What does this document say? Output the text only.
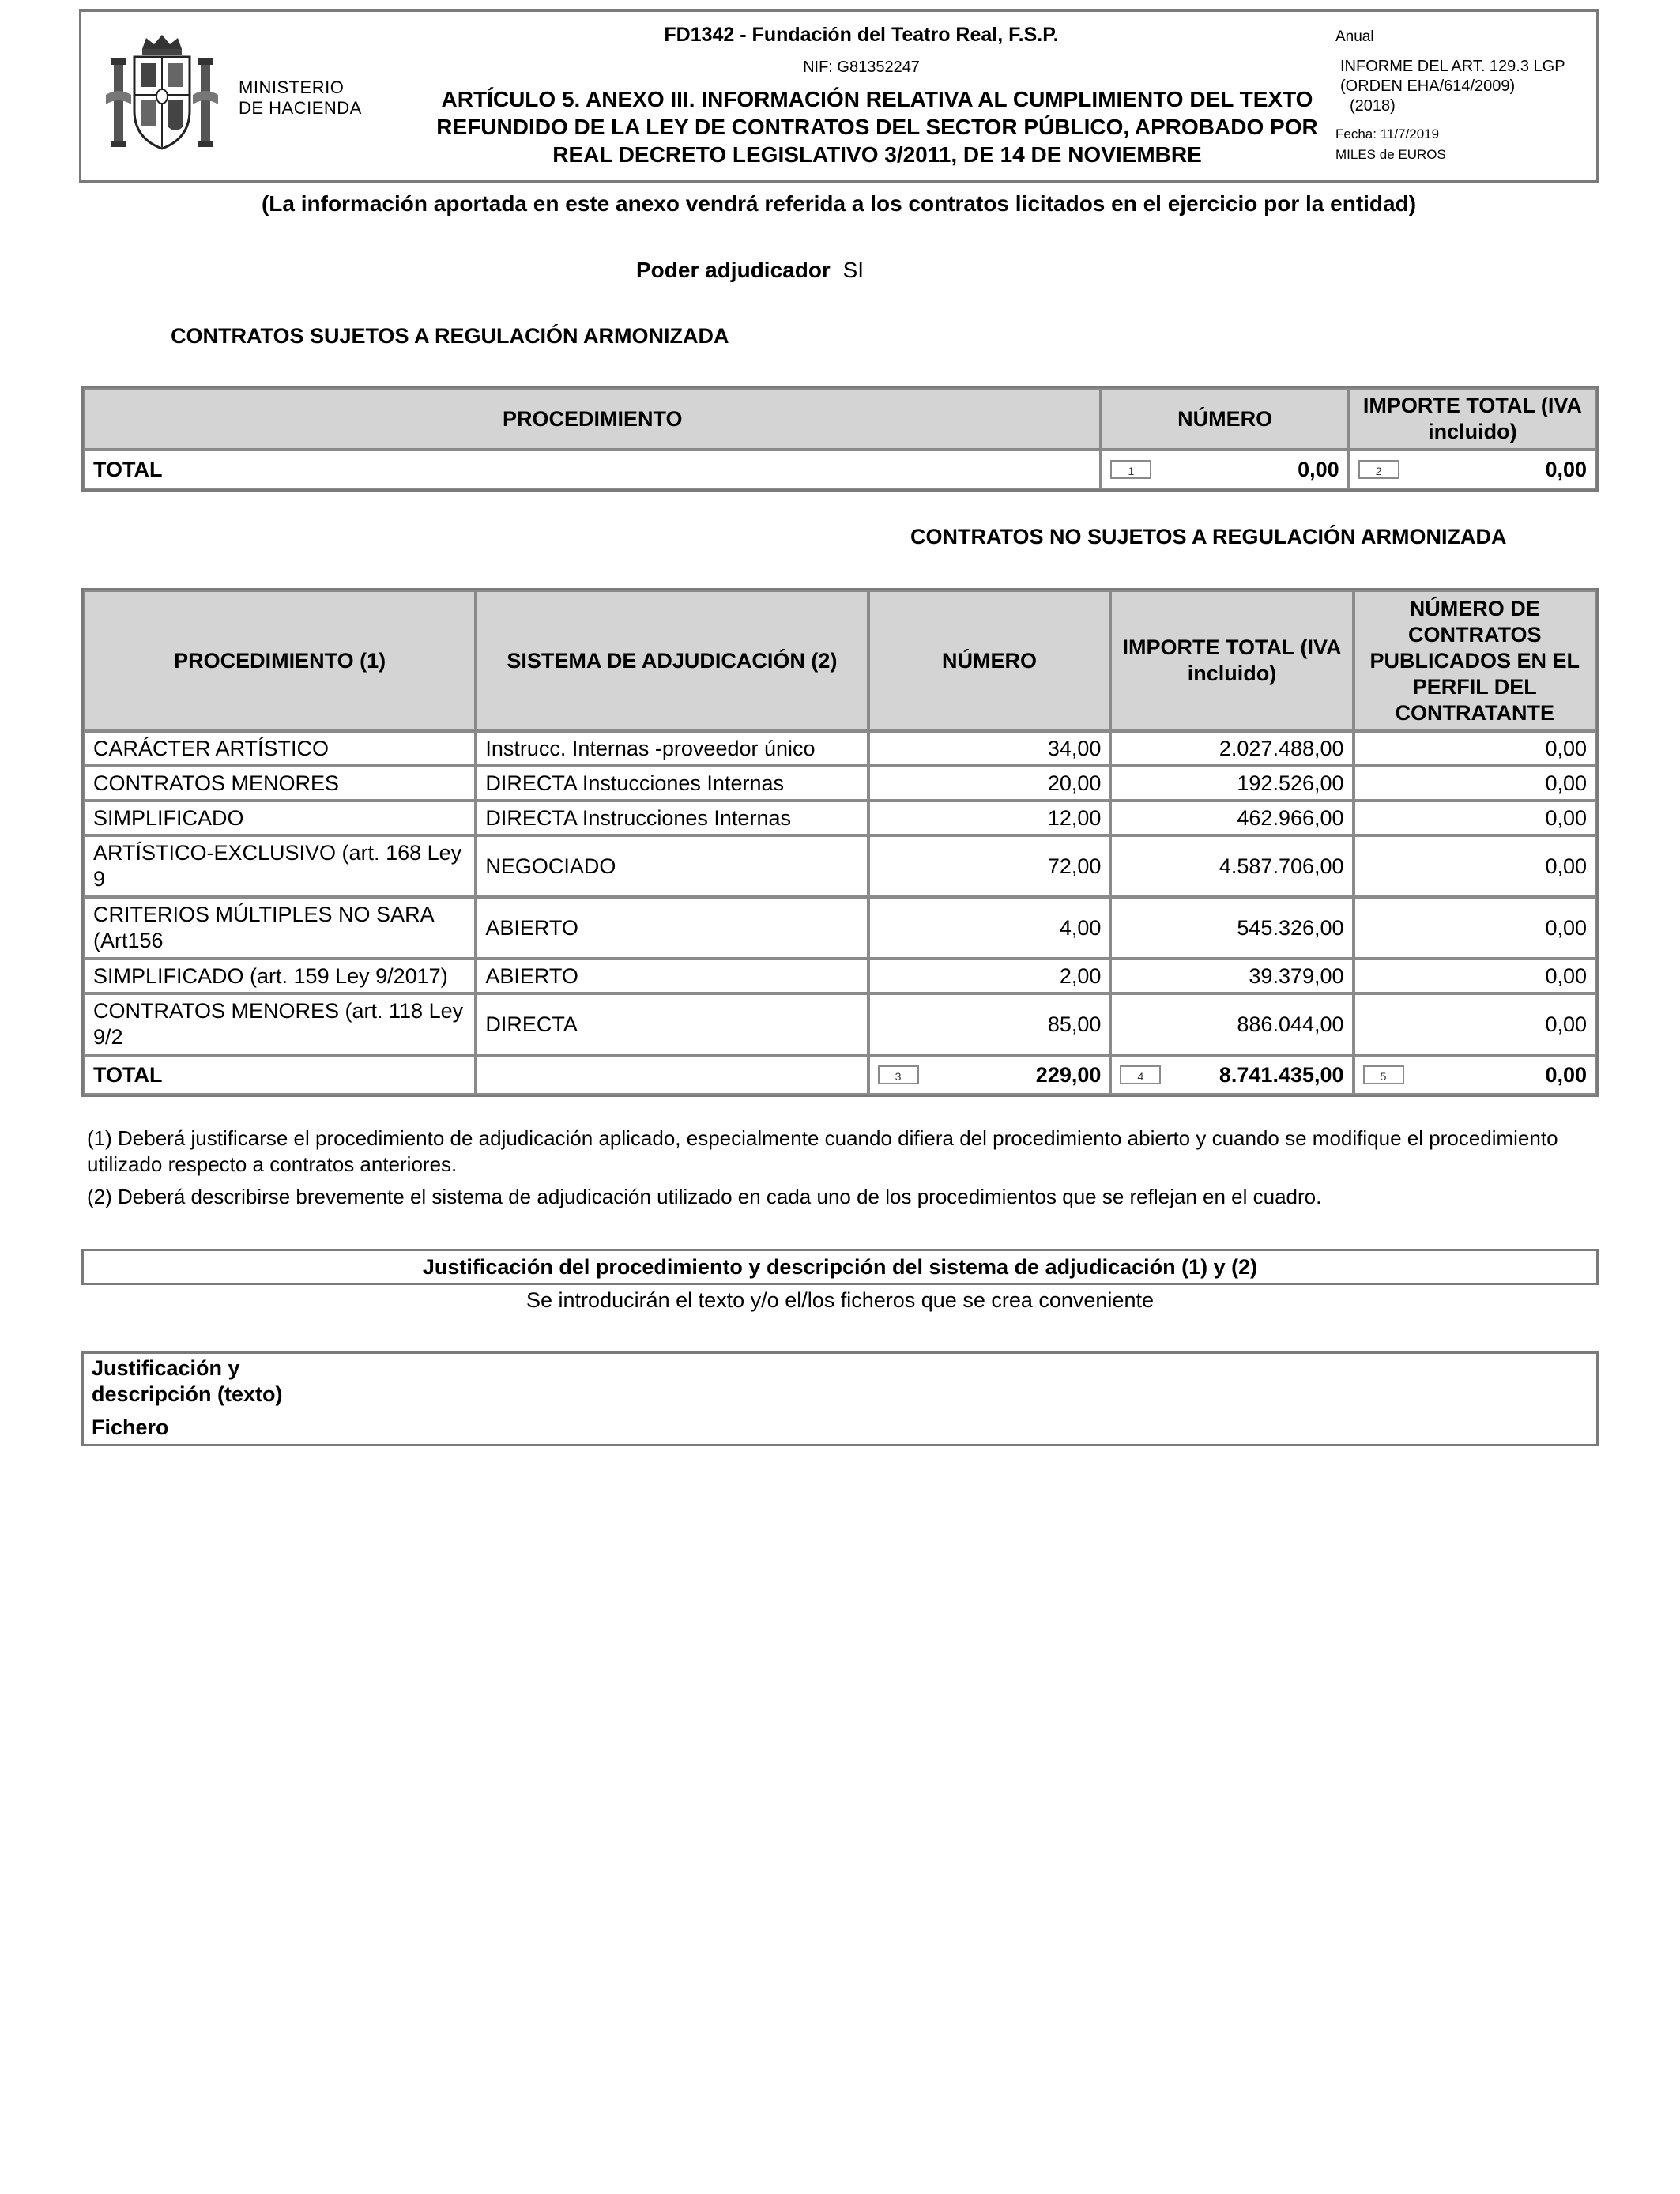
MINISTERIO
DE HACIENDA
FD1342 - Fundación del Teatro Real, F.S.P.
NIF: G81352247
ARTÍCULO 5. ANEXO III. INFORMACIÓN RELATIVA AL CUMPLIMIENTO DEL TEXTO REFUNDIDO DE LA LEY DE CONTRATOS DEL SECTOR PÚBLICO, APROBADO POR REAL DECRETO LEGISLATIVO 3/2011, DE 14 DE NOVIEMBRE
Anual
INFORME DEL ART. 129.3 LGP
(ORDEN EHA/614/2009)
(2018)
Fecha: 11/7/2019
MILES de EUROS
(La información aportada en este anexo vendrá referida a los contratos licitados en el ejercicio por la entidad)
Poder adjudicador SI
CONTRATOS SUJETOS A REGULACIÓN ARMONIZADA
PROCEDIMIENTO	NÚMERO	IMPORTE TOTAL (IVA incluido)
TOTAL	1 0,00	2 0,00
CONTRATOS NO SUJETOS A REGULACIÓN ARMONIZADA
PROCEDIMIENTO (1)	SISTEMA DE ADJUDICACIÓN (2)	NÚMERO	IMPORTE TOTAL (IVA incluido)	NÚMERO DE CONTRATOS PUBLICADOS EN EL PERFIL DEL CONTRATANTE
CARÁCTER ARTÍSTICO	Instrucc. Internas -proveedor único	34,00	2.027.488,00	0,00
CONTRATOS MENORES	DIRECTA Instucciones Internas	20,00	192.526,00	0,00
SIMPLIFICADO	DIRECTA Instrucciones Internas	12,00	462.966,00	0,00
ARTÍSTICO-EXCLUSIVO (art. 168 Ley 9	NEGOCIADO	72,00	4.587.706,00	0,00
CRITERIOS MÚLTIPLES NO SARA (Art156	ABIERTO	4,00	545.326,00	0,00
SIMPLIFICADO (art. 159 Ley 9/2017)	ABIERTO	2,00	39.379,00	0,00
CONTRATOS MENORES (art. 118 Ley 9/2	DIRECTA	85,00	886.044,00	0,00
TOTAL		3 229,00	4 8.741.435,00	5 0,00

(1) Deberá justificarse el procedimiento de adjudicación aplicado, especialmente cuando difiera del procedimiento abierto y cuando se modifique el procedimiento utilizado respecto a contratos anteriores.

(2) Deberá describirse brevemente el sistema de adjudicación utilizado en cada uno de los procedimientos que se reflejan en el cuadro.

Justificación del procedimiento y descripción del sistema de adjudicación (1) y (2)
Se introducirán el texto y/o el/los ficheros que se crea conveniente
Justificación y descripción (texto)
Fichero
